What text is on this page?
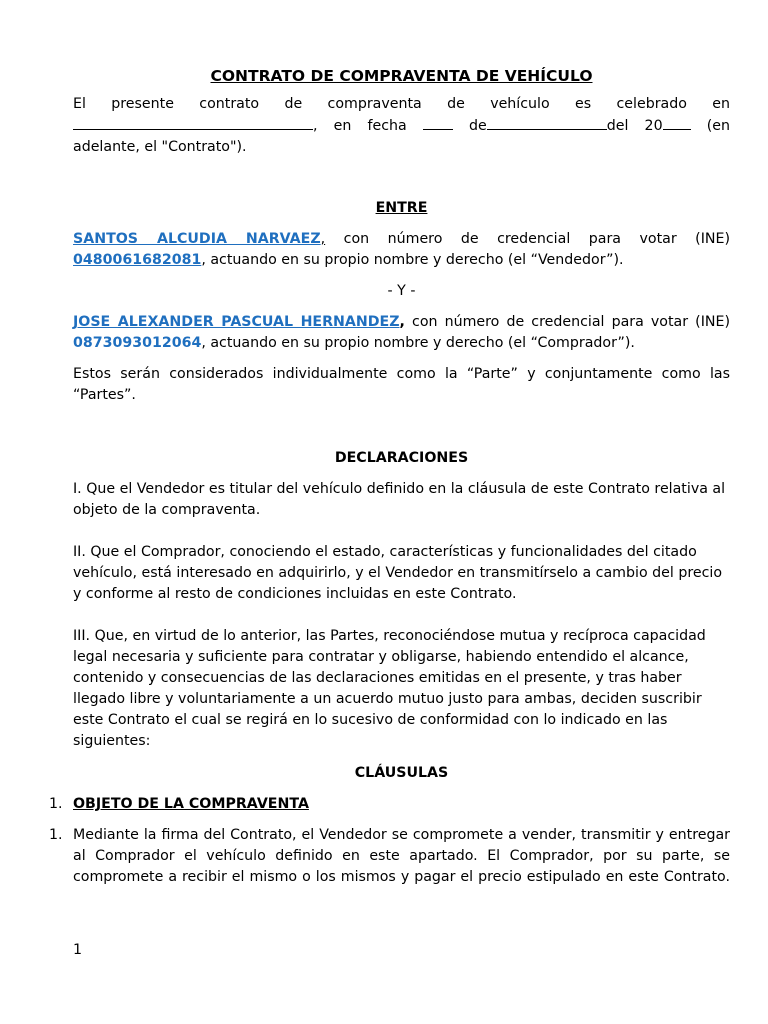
CONTRATO DE COMPRAVENTA DE VEHÍCULO

El presente contrato de compraventa de vehículo es celebrado en , en fecha	de	del 20	(en adelante, el "Contrato").

ENTRE

SANTOS ALCUDIA NARVAEZ, con número de credencial para votar (INE) 0480061682081, actuando en su propio nombre y derecho (el “Vendedor”).

- Y -

JOSE ALEXANDER PASCUAL HERNANDEZ, con número de credencial para votar (INE) 0873093012064, actuando en su propio nombre y derecho (el “Comprador”).

Estos serán considerados individualmente como la “Parte” y conjuntamente como las “Partes”.

DECLARACIONES

I. Que el Vendedor es titular del vehículo definido en la cláusula de este Contrato relativa al objeto de la compraventa.

II. Que el Comprador, conociendo el estado, características y funcionalidades del citado vehículo, está interesado en adquirirlo, y el Vendedor en transmitírselo a cambio del precio y conforme al resto de condiciones incluidas en este Contrato.

III. Que, en virtud de lo anterior, las Partes, reconociéndose mutua y recíproca capacidad legal necesaria y suficiente para contratar y obligarse, habiendo entendido el alcance, contenido y consecuencias de las declaraciones emitidas en el presente, y tras haber llegado libre y voluntariamente a un acuerdo mutuo justo para ambas, deciden suscribir este Contrato el cual se regirá en lo sucesivo de conformidad con lo indicado en las siguientes:

CLÁUSULAS

1. OBJETO DE LA COMPRAVENTA
1. Mediante la firma del Contrato, el Vendedor se compromete a vender, transmitir y entregar al Comprador el vehículo definido en este apartado. El Comprador, por su parte, se compromete a recibir el mismo o los mismos y pagar el precio estipulado en este Contrato.

1
